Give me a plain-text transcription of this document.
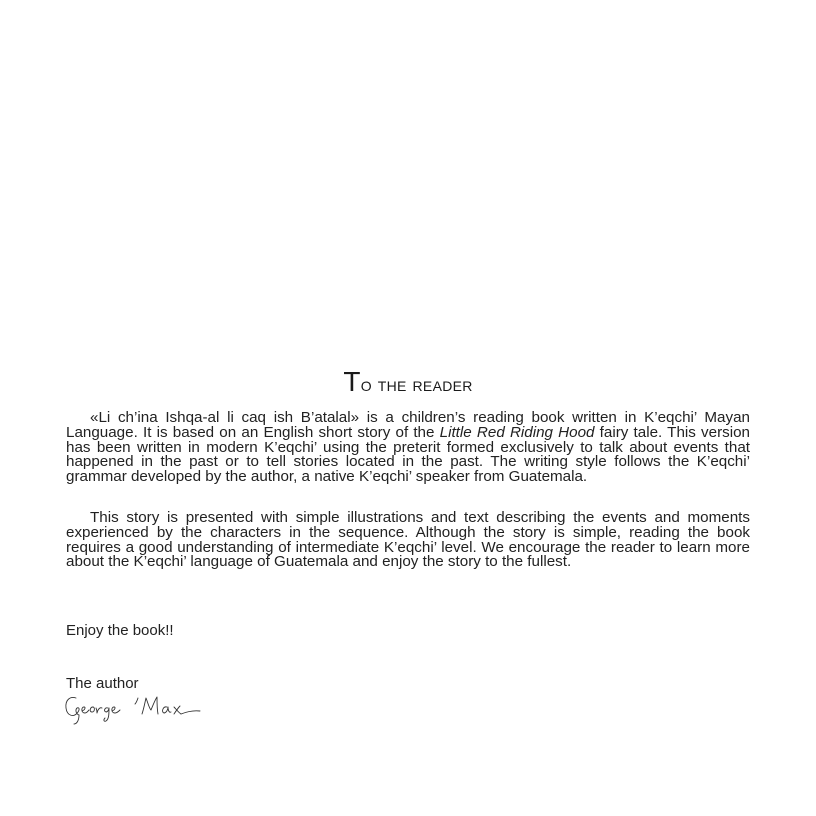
To the reader
«Li ch’ina Ishqa-al li caq ish B’atalal» is a children’s reading book written in K’eqchi’ Mayan Language. It is based on an English short story of the Little Red Riding Hood fairy tale. This version has been written in modern K’eqchi’ using the preterit formed exclusively to talk about events that happened in the past or to tell stories located in the past. The writing style follows the K’eqchi’ grammar developed by the author, a native K’eqchi’ speaker from Guatemala.
This story is presented with simple illustrations and text describing the events and moments experienced by the characters in the sequence. Although the story is simple, reading the book requires a good understanding of intermediate K’eqchi’ level. We encourage the reader to learn more about the K’eqchi’ language of Guatemala and enjoy the story to the fullest.
Enjoy the book!!
The author
